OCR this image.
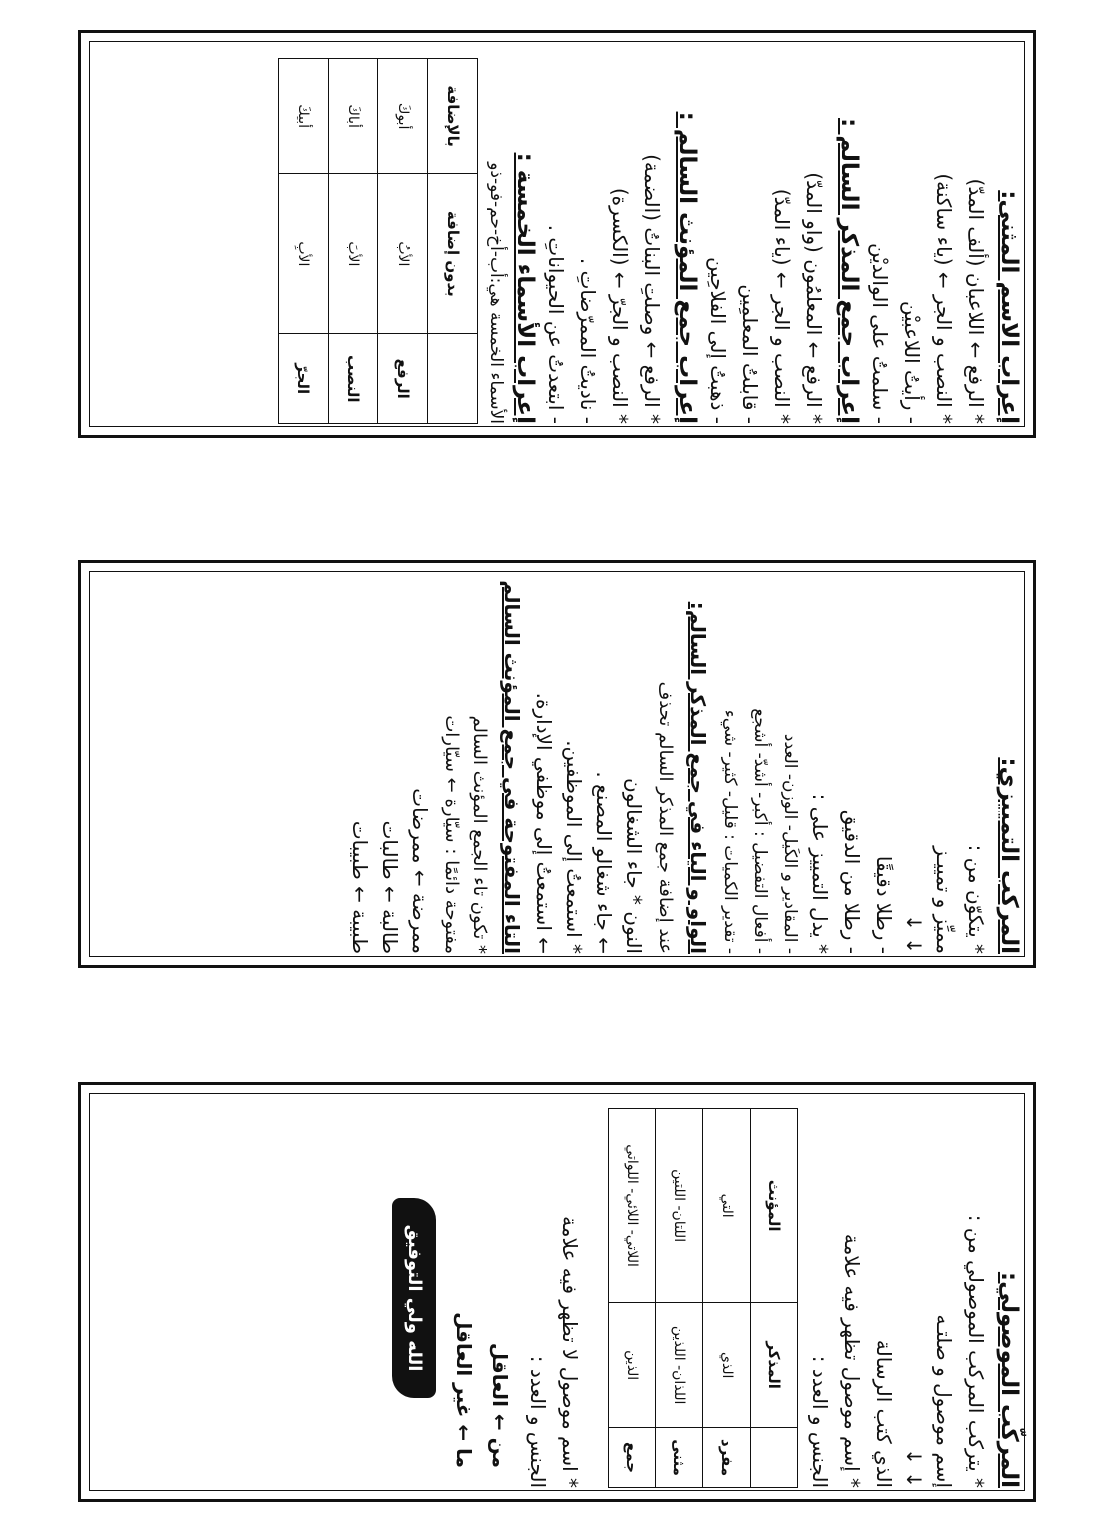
إعراب الاسم المثنى:
* الرفع ← اللاعبان (ألف المدّ)
* النصب و الجر ← (ياء ساكنة)
- رأيتُ اللاعبيْن
- سلمتُ على الوالديْن
إعراب جمع المذكر السالم :
* الرفع ← المعلمُون (واو المدّ)
* النصب و الجر ← (ياء المدّ)
- قابلتُ المعلمِين
- ذهبتُ إلى الفلاحِين
إعراب جمع المؤنث السالم :
* الرفع ← وصلتِ البناتُ (الضمة)
* النصب و الجرّ ← (الكسرة)
- ناديتُ الممرّضاتِ .
- ابتعدتُ عن الحيواناتِ .
إعراب الأسماء الخمسة :
الأسماء الخمسة هي:أب-أخ-حم-فو-ذو
	بدون إضافة	بالإضافة
الرفع	الأبُ	أبوكَ
النصب	الأبَ	أباكَ
الجرّ	الأبِ	أبيكَ
المركب التمييزي:
* يتكوّن من :
مميِّز و تمييـز
↓ ↓
- رطلا دقيقًا
- رطلا من الدقيق
* يدل التمييز على :
- المقادير و الكَيل- الوزن- العدد
- أفعال التفضيل : أكبر- أشدّ- أشجع
- تقدير الكميات : قليل- كثير- شيء
الواو و الياء في جمع المذكر السالم:
عند إضافة جمع المذكر السالم تحذف
النون * جاء الشغالون
← جاء شغالو المصنع .
* استمعتُ إلى الموظفين.
← استمعتُ إلى موظفي الإدارة.
التاء المفتوحة في جمع المؤنث السالم
* تكون تاء الجمع المؤنث السالم
مفتوحة دائمًا : سيّارة ← سيّارات
ممرضة ← ممرضات
طالبة ← طالبات
طبيبة ← طبيبات
المركّب الموصولي:
* يتركب المركب الموصولي من :
إسم موصول و صلتـه
↓ ↓
الذي كتب الرسالة
* إسم موصول تظهر فيه علامة
الجنس و العدد :
	المذكر	المؤنث
مفرد	الذي	التي
مثنى	اللذان- اللذين	اللتان- اللتين
جمع	الذين	اللاتي- اللائي- اللواتي
* اسم موصول لا تظهر فيه علامة
الجنس و العدد :
من ← العاقل
ما ← غير العاقل
الله ولي التوفيق
